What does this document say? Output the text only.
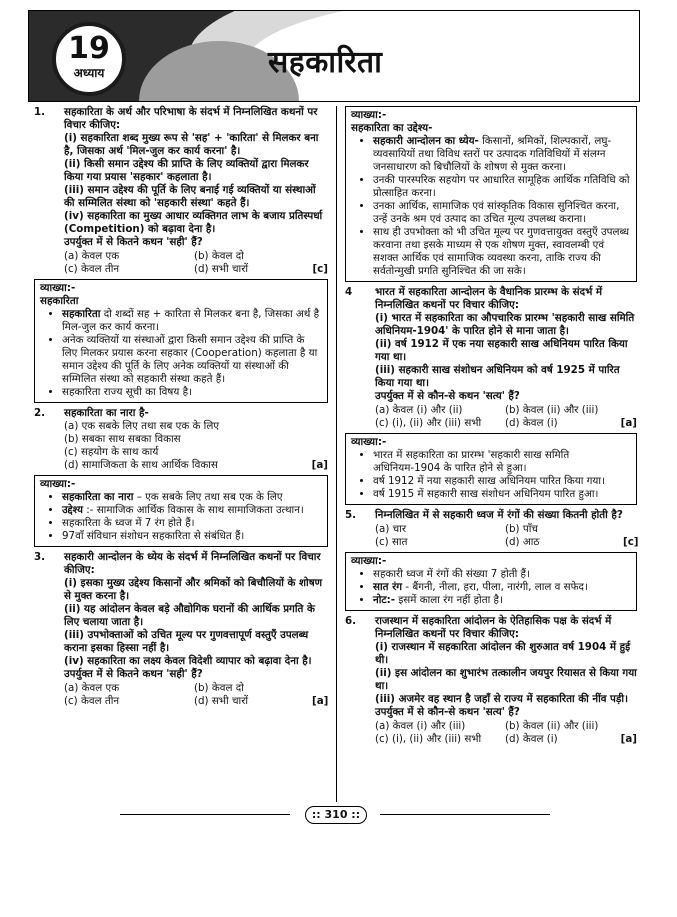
19
अध्याय	सहकारिता
1.	सहकारिता के अर्थ और परिभाषा के संदर्भ में निम्नलिखित कथनों पर विचार कीजिए:
(i) सहकारिता शब्द मुख्य रूप से 'सह' + 'कारिता' से मिलकर बना है, जिसका अर्थ 'मिल-जुल कर कार्य करना' है।
(ii) किसी समान उद्देश्य की प्राप्ति के लिए व्यक्तियों द्वारा मिलकर किया गया प्रयास 'सहकार' कहलाता है।
(iii) समान उद्देश्य की पूर्ति के लिए बनाई गई व्यक्तियों या संस्थाओं की सम्मिलित संस्था को 'सहकारी संस्था' कहते हैं।
(iv) सहकारिता का मुख्य आधार व्यक्तिगत लाभ के बजाय प्रतिस्पर्धा (Competition) को बढ़ावा देना है।
उपर्युक्त में से कितने कथन 'सही' हैं?
(a) केवल एक	(b) केवल दो
(c) केवल तीन	(d) सभी चारों	[c]
व्याख्या:-
सहकारिता
• सहकारिता दो शब्दों सह + कारिता से मिलकर बना है, जिसका अर्थ है मिल-जुल कर कार्य करना।
• अनेक व्यक्तियों या संस्थाओं द्वारा किसी समान उद्देश्य की प्राप्ति के लिए मिलकर प्रयास करना सहकार (Cooperation) कहलाता है या समान उद्देश्य की पूर्ति के लिए अनेक व्यक्तियों या संस्थाओं की सम्मिलित संस्था को सहकारी संस्था कहते हैं।
• सहकारिता राज्य सूची का विषय है।
2.	सहकारिता का नारा है-
(a) एक सबके लिए तथा सब एक के लिए
(b) सबका साथ सबका विकास
(c) सहयोग के साथ कार्य
(d) सामाजिकता के साथ आर्थिक विकास	[a]
व्याख्या:-
• सहकारिता का नारा – एक सबके लिए तथा सब एक के लिए
• उद्देश्य :- सामाजिक आर्थिक विकास के साथ सामाजिकता उत्थान।
• सहकारिता के ध्वज में 7 रंग होते हैं।
• 97वाँ संविधान संशोधन सहकारिता से संबंधित हैं।
3.	सहकारी आन्दोलन के ध्येय के संदर्भ में निम्नलिखित कथनों पर विचार कीजिए:
(i) इसका मुख्य उद्देश्य किसानों और श्रमिकों को बिचौलियों के शोषण से मुक्त करना है।
(ii) यह आंदोलन केवल बड़े औद्योगिक घरानों की आर्थिक प्रगति के लिए चलाया जाता है।
(iii) उपभोक्ताओं को उचित मूल्य पर गुणवत्तापूर्ण वस्तुएँ उपलब्ध कराना इसका हिस्सा नहीं है।
(iv) सहकारिता का लक्ष्य केवल विदेशी व्यापार को बढ़ावा देना है।
उपर्युक्त में से कितने कथन 'सही' हैं?
(a) केवल एक	(b) केवल दो
(c) केवल तीन	(d) सभी चारों	[a]
व्याख्या:-
सहकारिता का उद्देश्य-
• सहकारी आन्दोलन का ध्येय- किसानों, श्रमिकों, शिल्पकारों, लघु-व्यवसायियों तथा विविध स्तरों पर उत्पादक गतिविधियों में संलग्न जनसाधारण को बिचौलियों के शोषण से मुक्त करना।
• उनकी पारस्परिक सहयोग पर आधारित सामूहिक आर्थिक गतिविधि को प्रोत्साहित करना।
• उनका आर्थिक, सामाजिक एवं सांस्कृतिक विकास सुनिश्चित करना, उन्हें उनके श्रम एवं उत्पाद का उचित मूल्य उपलब्ध कराना।
• साथ ही उपभोक्ता को भी उचित मूल्य पर गुणवत्तायुक्त वस्तुएँ उपलब्ध करवाना तथा इसके माध्यम से एक शोषण मुक्त, स्वावलम्बी एवं सशक्त आर्थिक एवं सामाजिक व्यवस्था करना, ताकि राज्य की सर्वतोन्मुखी प्रगति सुनिश्चित की जा सके।
4	भारत में सहकारिता आन्दोलन के वैधानिक प्रारम्भ के संदर्भ में निम्नलिखित कथनों पर विचार कीजिए:
(i) भारत में सहकारिता का औपचारिक प्रारम्भ 'सहकारी साख समिति अधिनियम-1904' के पारित होने से माना जाता है।
(ii) वर्ष 1912 में एक नया सहकारी साख अधिनियम पारित किया गया था।
(iii) सहकारी साख संशोधन अधिनियम को वर्ष 1925 में पारित किया गया था।
उपर्युक्त में से कौन-से कथन 'सत्य' हैं?
(a) केवल (i) और (ii)	(b) केवल (ii) और (iii)
(c) (i), (ii) और (iii) सभी	(d) केवल (i)	[a]
व्याख्या:-
• भारत में सहकारिता का प्रारम्भ 'सहकारी साख समिति अधिनियम-1904 के पारित होने से हुआ।
• वर्ष 1912 में नया सहकारी साख अधिनियम पारित किया गया।
• वर्ष 1915 में सहकारी साख संशोधन अधिनियम पारित हुआ।
5.	निम्नलिखित में से सहकारी ध्वज में रंगों की संख्या कितनी होती है?
(a) चार	(b) पाँच
(c) सात	(d) आठ	[c]
व्याख्या:-
• सहकारी ध्वज में रंगों की संख्या 7 होती हैं।
• सात रंग - बैंगनी, नीला, हरा, पीला, नारंगी, लाल व सफेद।
• नोट:- इसमें काला रंग नहीं होता है।
6.	राजस्थान में सहकारिता आंदोलन के ऐतिहासिक पक्ष के संदर्भ में निम्नलिखित कथनों पर विचार कीजिए:
(i) राजस्थान में सहकारिता आंदोलन की शुरुआत वर्ष 1904 में हुई थी।
(ii) इस आंदोलन का शुभारंभ तत्कालीन जयपुर रियासत से किया गया था।
(iii) अजमेर वह स्थान है जहाँ से राज्य में सहकारिता की नींव पड़ी।
उपर्युक्त में से कौन-से कथन 'सत्य' हैं?
(a) केवल (i) और (iii)	(b) केवल (ii) और (iii)
(c) (i), (ii) और (iii) सभी	(d) केवल (i)	[a]
:: 310 ::
